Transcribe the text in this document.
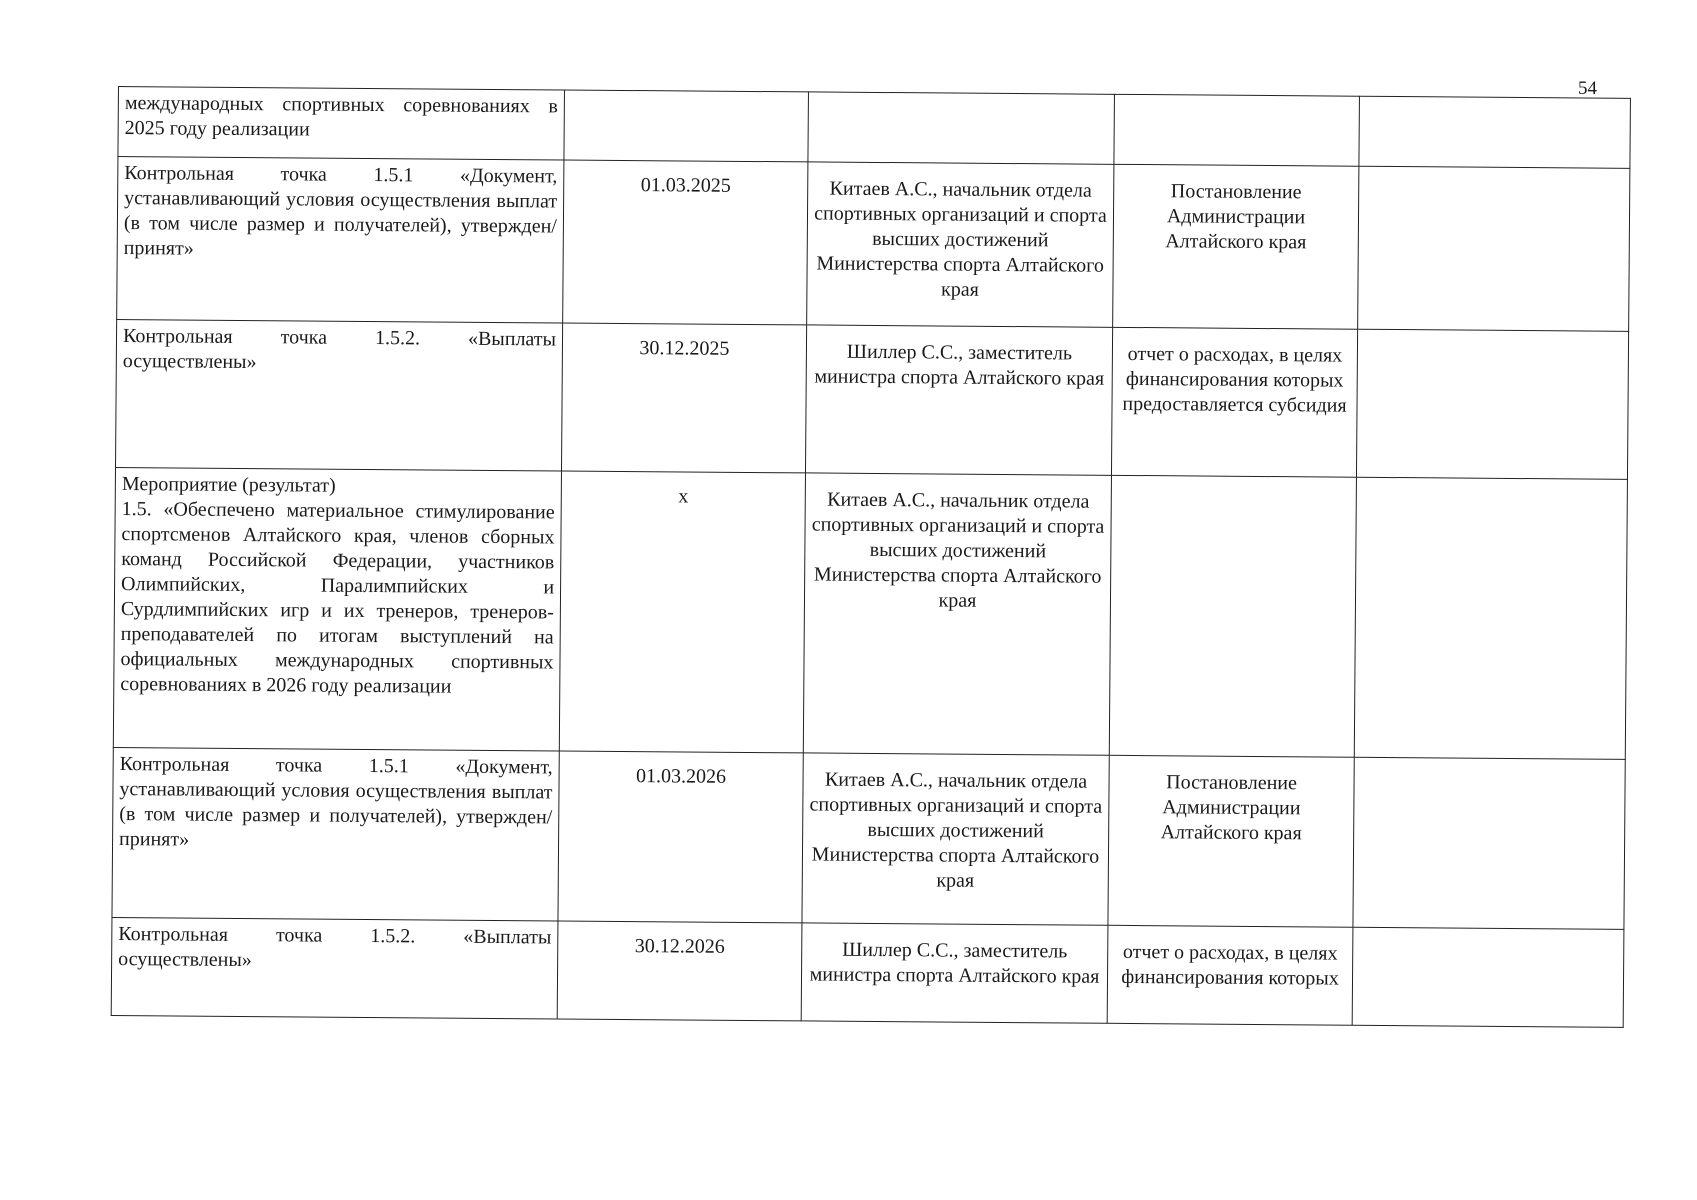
54
международных спортивных соревнованиях в 2025 году реализации				
Контрольная точка 1.5.1 «Документ, устанавливающий условия осуществления выплат (в том числе размер и получателей), утвержден/принят»	01.03.2025	Китаев А.С., начальник отдела спортивных организаций и спорта высших достижений Министерства спорта Алтайского края	Постановление Администрации Алтайского края	
Контрольная точка 1.5.2. «Выплаты осуществлены»	30.12.2025	Шиллер С.С., заместитель министра спорта Алтайского края	отчет о расходах, в целях финансирования которых предоставляется субсидия	

Мероприятие (результат)
1.5. «Обеспечено материальное стимулирование спортсменов Алтайского края, членов сборных команд Российской Федерации, участников Олимпийских, Паралимпийских и Сурдлимпийских игр и их тренеров, тренеров-преподавателей по итогам выступлений на официальных международных спортивных соревнованиях в 2026 году реализации	х	Китаев А.С., начальник отдела спортивных организаций и спорта высших достижений Министерства спорта Алтайского края		
Контрольная точка 1.5.1 «Документ, устанавливающий условия осуществления выплат (в том числе размер и получателей), утвержден/принят»	01.03.2026	Китаев А.С., начальник отдела спортивных организаций и спорта высших достижений Министерства спорта Алтайского края	Постановление Администрации Алтайского края	
Контрольная точка 1.5.2. «Выплаты осуществлены»	30.12.2026	Шиллер С.С., заместитель министра спорта Алтайского края	отчет о расходах, в целях финансирования которых	
